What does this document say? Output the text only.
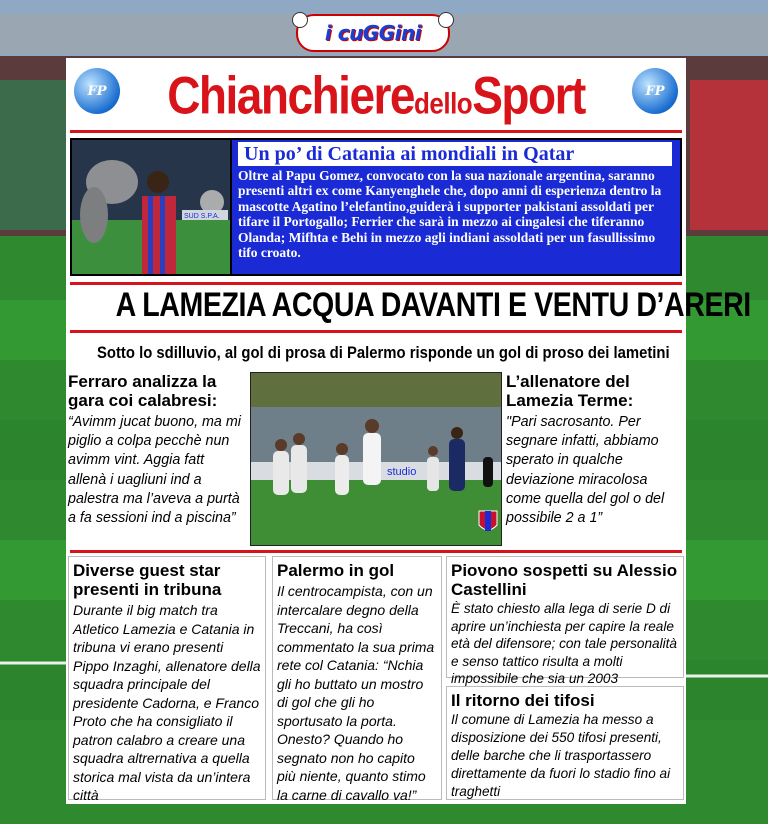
i cuGGini
FP ChianchieredelloSport	FP
SUD S.P.A.
Un po’ di Catania ai mondiali in Qatar
Oltre al Papu Gomez, convocato con la sua nazionale argentina, saranno presenti altri ex come Kanyenghele che, dopo anni di esperienza dentro la mascotte Agatino l’elefantino,guiderà i supporter pakistani assoldati per tifare il Portogallo; Ferrier che sarà in mezzo ai cingalesi che tiferanno Olanda; Mifhta e Behi in mezzo agli indiani assoldati per un fasullissimo tifo croato.
A LAMEZIA ACQUA DAVANTI E VENTU D’ARERI
Sotto lo sdilluvio, al gol di prosa di Palermo risponde un gol di proso dei lametini
Ferraro analizza la gara coi calabresi:

“Avimm jucat buono, ma mi piglio a colpa pecchè nun avimm vint. Aggia fatt allenà i uagliuni ind a palestra ma l’aveva a purtà a fa sessioni ind a piscina”

studio
L’allenatore del Lamezia Terme:

"Pari sacrosanto. Per segnare infatti, abbiamo sperato in qualche deviazione miracolosa come quella del gol o del possibile 2 a 1”

Diverse guest star presenti in tribuna

Durante il big match tra Atletico Lamezia e Catania in tribuna vi erano presenti Pippo Inzaghi, allenatore della squadra principale del presidente Cadorna, e Franco Proto che ha consigliato il patron calabro a creare una squadra altrernativa a quella storica mal vista da un’intera città

Palermo in gol

Il centrocampista, con un intercalare degno della Treccani, ha così commentato la sua prima rete col Catania: “Nchia gli ho buttato un mostro di gol che gli ho sportusato la porta. Onesto? Quando ho segnato non ho capito più niente, quanto stimo la carne di cavallo va!”

Piovono sospetti su Alessio Castellini

È stato chiesto alla lega di serie D di aprire un’inchiesta per capire la reale età del difensore; con tale personalità e senso tattico risulta a molti impossibile che sia un 2003

Il ritorno dei tifosi

Il comune di Lamezia ha messo a disposizione dei 550 tifosi presenti, delle barche che li trasportassero direttamente da fuori lo stadio fino ai traghetti
